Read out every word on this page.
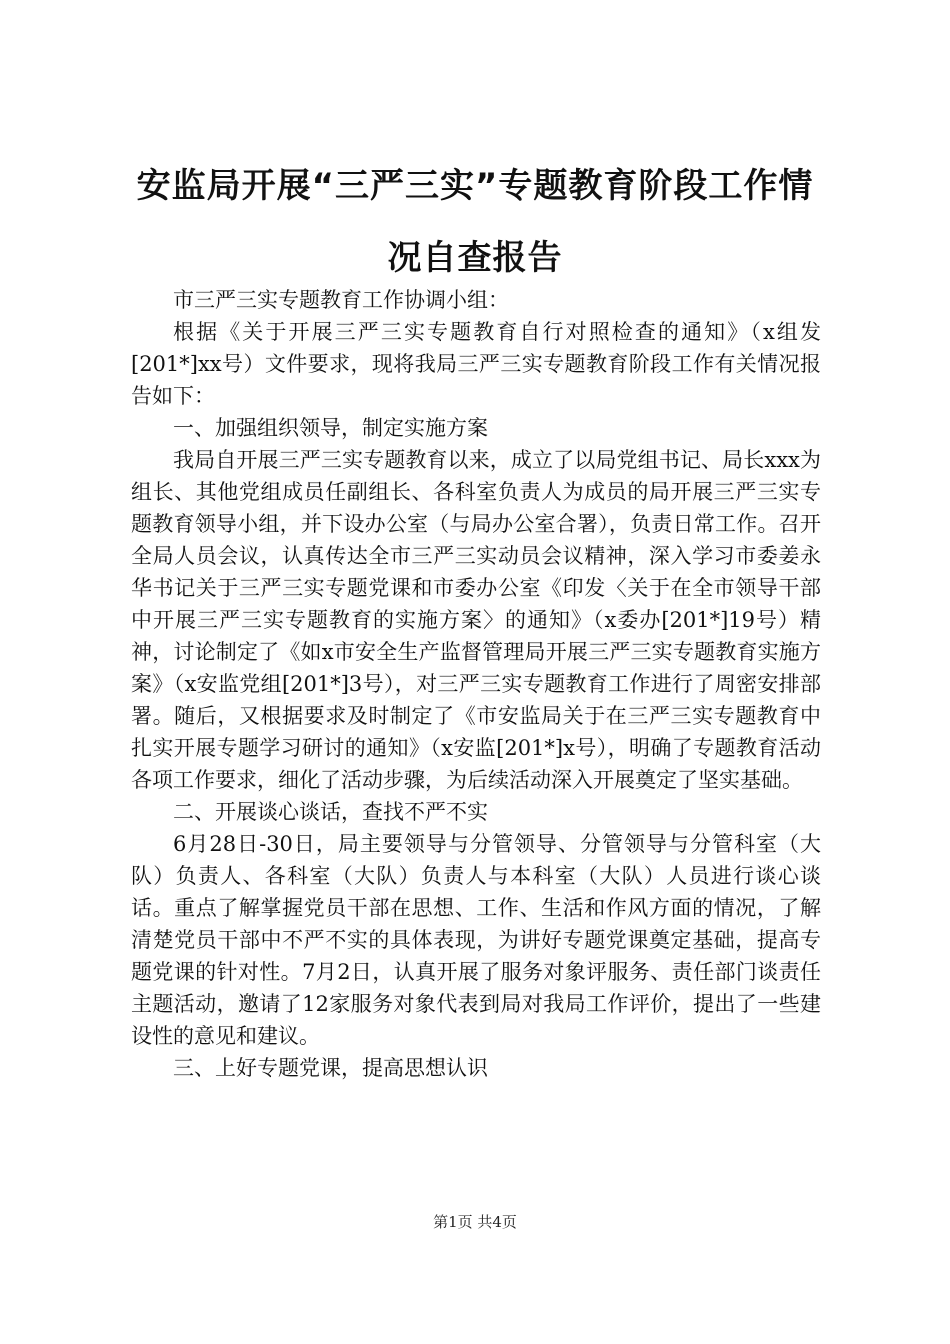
安监局开展“三严三实”专题教育阶段工作情
况自查报告

市三严三实专题教育工作协调小组：

根据《关于开展三严三实专题教育自行对照检查的通知》（x组发[201*]xx号）文件要求，现将我局三严三实专题教育阶段工作有关情况报告如下：

一、加强组织领导，制定实施方案

我局自开展三严三实专题教育以来，成立了以局党组书记、局长xxx为组长、其他党组成员任副组长、各科室负责人为成员的局开展三严三实专题教育领导小组，并下设办公室（与局办公室合署），负责日常工作。召开全局人员会议，认真传达全市三严三实动员会议精神，深入学习市委姜永华书记关于三严三实专题党课和市委办公室《印发〈关于在全市领导干部中开展三严三实专题教育的实施方案〉的通知》（x委办[201*]19号）精神，讨论制定了《如x市安全生产监督管理局开展三严三实专题教育实施方案》（x安监党组[201*]3号），对三严三实专题教育工作进行了周密安排部署。随后，又根据要求及时制定了《市安监局关于在三严三实专题教育中扎实开展专题学习研讨的通知》（x安监[201*]x号），明确了专题教育活动各项工作要求，细化了活动步骤，为后续活动深入开展奠定了坚实基础。

二、开展谈心谈话，查找不严不实

6月28日-30日，局主要领导与分管领导、分管领导与分管科室（大队）负责人、各科室（大队）负责人与本科室（大队）人员进行谈心谈话。重点了解掌握党员干部在思想、工作、生活和作风方面的情况，了解清楚党员干部中不严不实的具体表现，为讲好专题党课奠定基础，提高专题党课的针对性。7月2日，认真开展了服务对象评服务、责任部门谈责任主题活动，邀请了12家服务对象代表到局对我局工作评价，提出了一些建设性的意见和建议。

三、上好专题党课，提高思想认识

第1页 共4页
